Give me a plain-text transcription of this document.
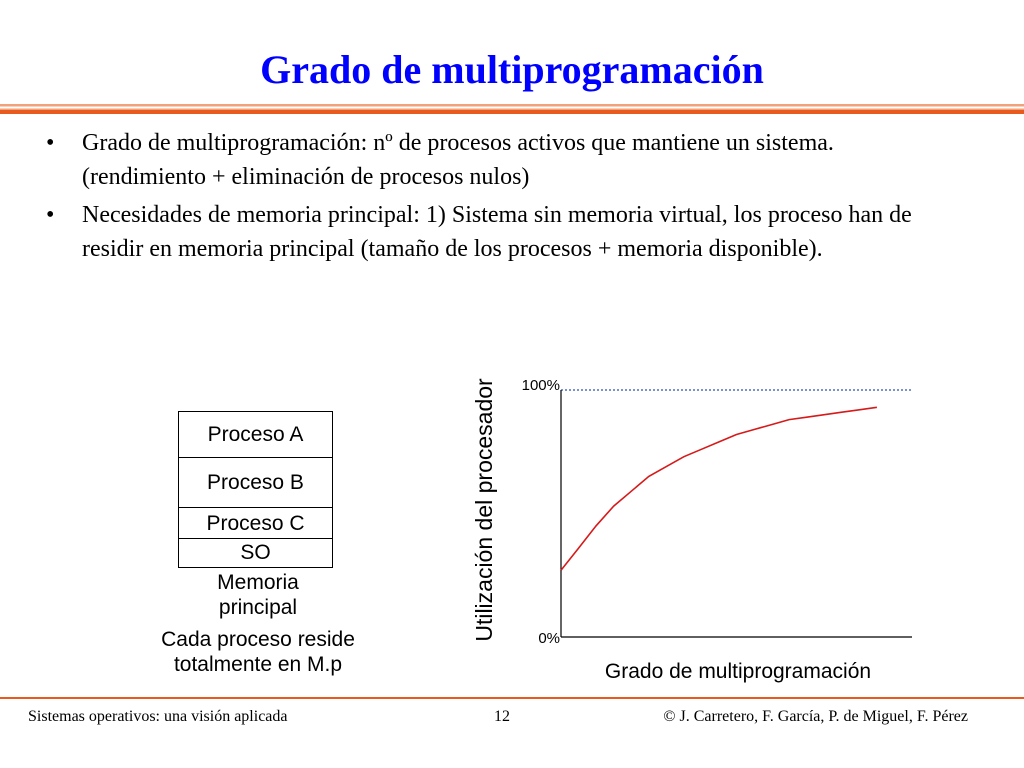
Grado de multiprogramación
• Grado de multiprogramación: nº de procesos activos que mantiene un sistema. (rendimiento + eliminación de procesos nulos)
• Necesidades de memoria principal: 1) Sistema sin memoria virtual, los proceso han de residir en memoria principal (tamaño de los procesos + memoria disponible).
Proceso A
Proceso B
Proceso C
SO
Memoria principal
Cada proceso reside totalmente en M.p
Utilización del procesador 100%
0%
Grado de multiprogramación
Sistemas operativos: una visión aplicada	12	© J. Carretero, F. García, P. de Miguel, F. Pérez
